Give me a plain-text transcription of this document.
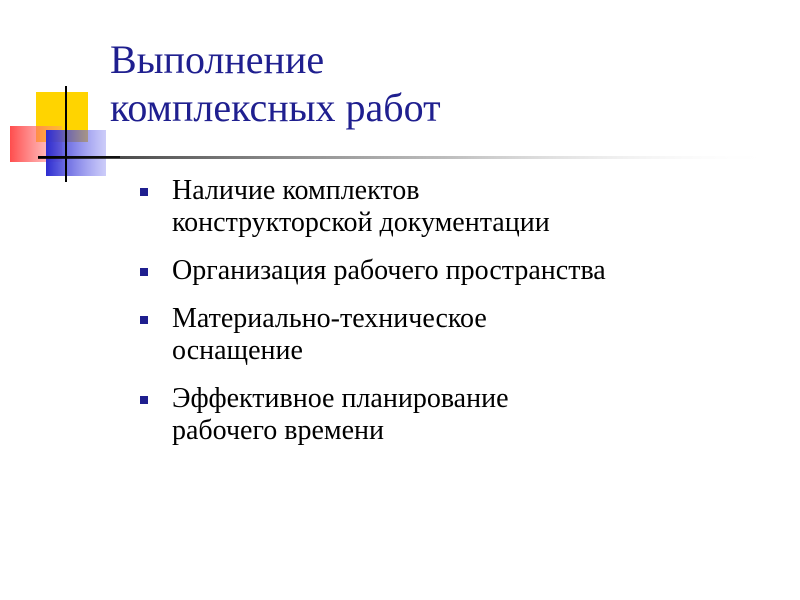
Выполнение
комплексных работ
Наличие комплектов
конструкторской документации
Организация рабочего пространства
Материально-техническое
оснащение
Эффективное планирование
рабочего времени
